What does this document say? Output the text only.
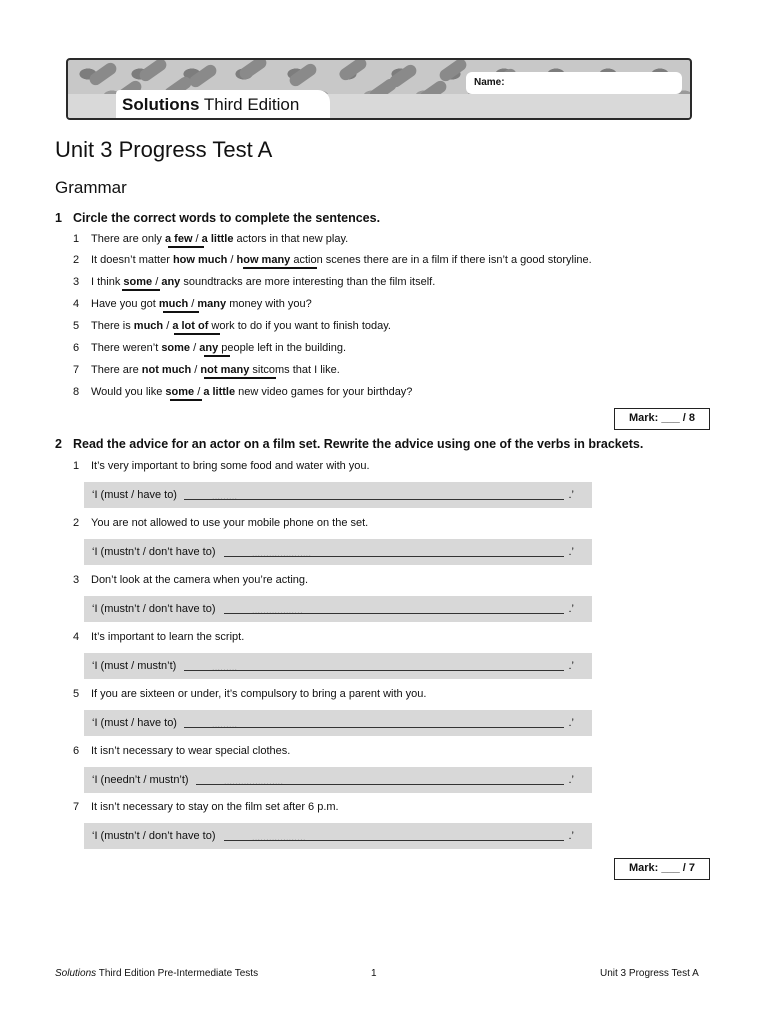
Solutions Third Edition
Name:
Unit 3 Progress Test A
Grammar
1 Circle the correct words to complete the sentences.
1 There are only a few / a little actors in that new play.
2 It doesn’t matter how much / how many action scenes there are in a film if there isn’t a good storyline.
3 I think some / any soundtracks are more interesting than the film itself.
4 Have you got much / many money with you?
5 There is much / a lot of work to do if you want to finish today.
6 There weren’t some / any people left in the building.
7 There are not much / not many sitcoms that I like.
8 Would you like some / a little new video games for your birthday?
Mark: ___ / 8
2 Read the advice for an actor on a film set. Rewrite the advice using one of the verbs in brackets.
1 It’s very important to bring some food and water with you.
‘I (must / have to)	.’
2 You are not allowed to use your mobile phone on the set.
‘I (mustn’t / don’t have to)	.’
3 Don’t look at the camera when you’re acting.
‘I (mustn’t / don’t have to)	.’
4 It’s important to learn the script.
‘I (must / mustn’t)	.’
5 If you are sixteen or under, it’s compulsory to bring a parent with you.
‘I (must / have to)	.’
6 It isn’t necessary to wear special clothes.
‘I (needn’t / mustn’t)	.’
7 It isn’t necessary to stay on the film set after 6 p.m.
‘I (mustn’t / don’t have to)	.’
Mark: ___ / 7
Solutions Third Edition Pre-Intermediate Tests	1	Unit 3 Progress Test A
